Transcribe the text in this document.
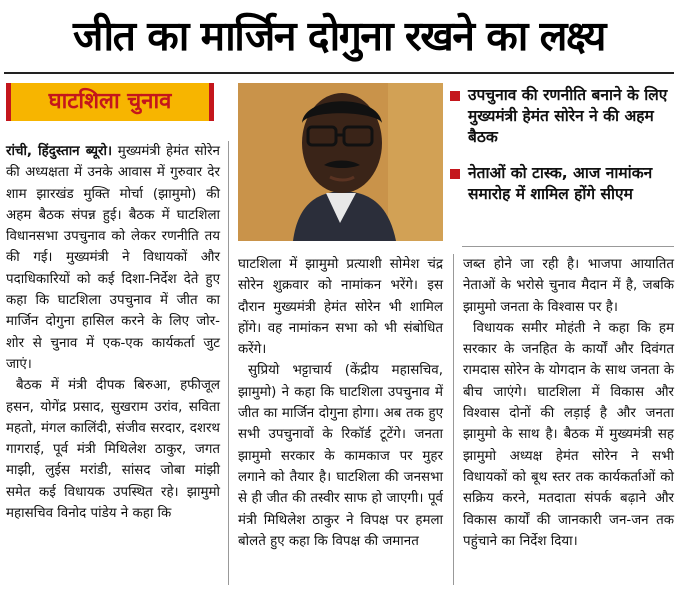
जीत का मार्जिन दोगुना रखने का लक्ष्य
घाटशिला चुनाव	उपचुनाव की रणनीति बनाने के लिए मुख्यमंत्री हेमंत सोरेन ने की अहम बैठक
नेताओं को टास्क, आज नामांकन समारोह में शामिल होंगे सीएम

रांची, हिंदुस्तान ब्यूरो। मुख्यमंत्री हेमंत सोरेन की अध्यक्षता में उनके आवास में गुरुवार देर शाम झारखंड मुक्ति मोर्चा (झामुमो) की अहम बैठक संपन्न हुई। बैठक में घाटशिला विधानसभा उपचुनाव को लेकर रणनीति तय की गई। मुख्यमंत्री ने विधायकों और पदाधिकारियों को कई दिशा-निर्देश देते हुए कहा कि घाटशिला उपचुनाव में जीत का मार्जिन दोगुना हासिल करने के लिए जोर-शोर से चुनाव में एक-एक कार्यकर्ता जुट जाएं।

बैठक में मंत्री दीपक बिरुआ, हफीजूल हसन, योगेंद्र प्रसाद, सुखराम उरांव, सविता महतो, मंगल कालिंदी, संजीव सरदार, दशरथ गागराई, पूर्व मंत्री मिथिलेश ठाकुर, जगत माझी, लुईस मरांडी, सांसद जोबा मांझी समेत कई विधायक उपस्थित रहे। झामुमो महासचिव विनोद पांडेय ने कहा कि

घाटशिला में झामुमो प्रत्याशी सोमेश चंद्र सोरेन शुक्रवार को नामांकन भरेंगे। इस दौरान मुख्यमंत्री हेमंत सोरेन भी शामिल होंगे। वह नामांकन सभा को भी संबोधित करेंगे।

सुप्रियो भट्टाचार्य (केंद्रीय महासचिव, झामुमो) ने कहा कि घाटशिला उपचुनाव में जीत का मार्जिन दोगुना होगा। अब तक हुए सभी उपचुनावों के रिकॉर्ड टूटेंगे। जनता झामुमो सरकार के कामकाज पर मुहर लगाने को तैयार है। घाटशिला की जनसभा से ही जीत की तस्वीर साफ हो जाएगी। पूर्व मंत्री मिथिलेश ठाकुर ने विपक्ष पर हमला बोलते हुए कहा कि विपक्ष की जमानत

जब्त होने जा रही है। भाजपा आयातित नेताओं के भरोसे चुनाव मैदान में है, जबकि झामुमो जनता के विश्वास पर है।

विधायक समीर मोहंती ने कहा कि हम सरकार के जनहित के कार्यों और दिवंगत रामदास सोरेन के योगदान के साथ जनता के बीच जाएंगे। घाटशिला में विकास और विश्वास दोनों की लड़ाई है और जनता झामुमो के साथ है। बैठक में मुख्यमंत्री सह झामुमो अध्यक्ष हेमंत सोरेन ने सभी विधायकों को बूथ स्तर तक कार्यकर्ताओं को सक्रिय करने, मतदाता संपर्क बढ़ाने और विकास कार्यों की जानकारी जन-जन तक पहुंचाने का निर्देश दिया।
